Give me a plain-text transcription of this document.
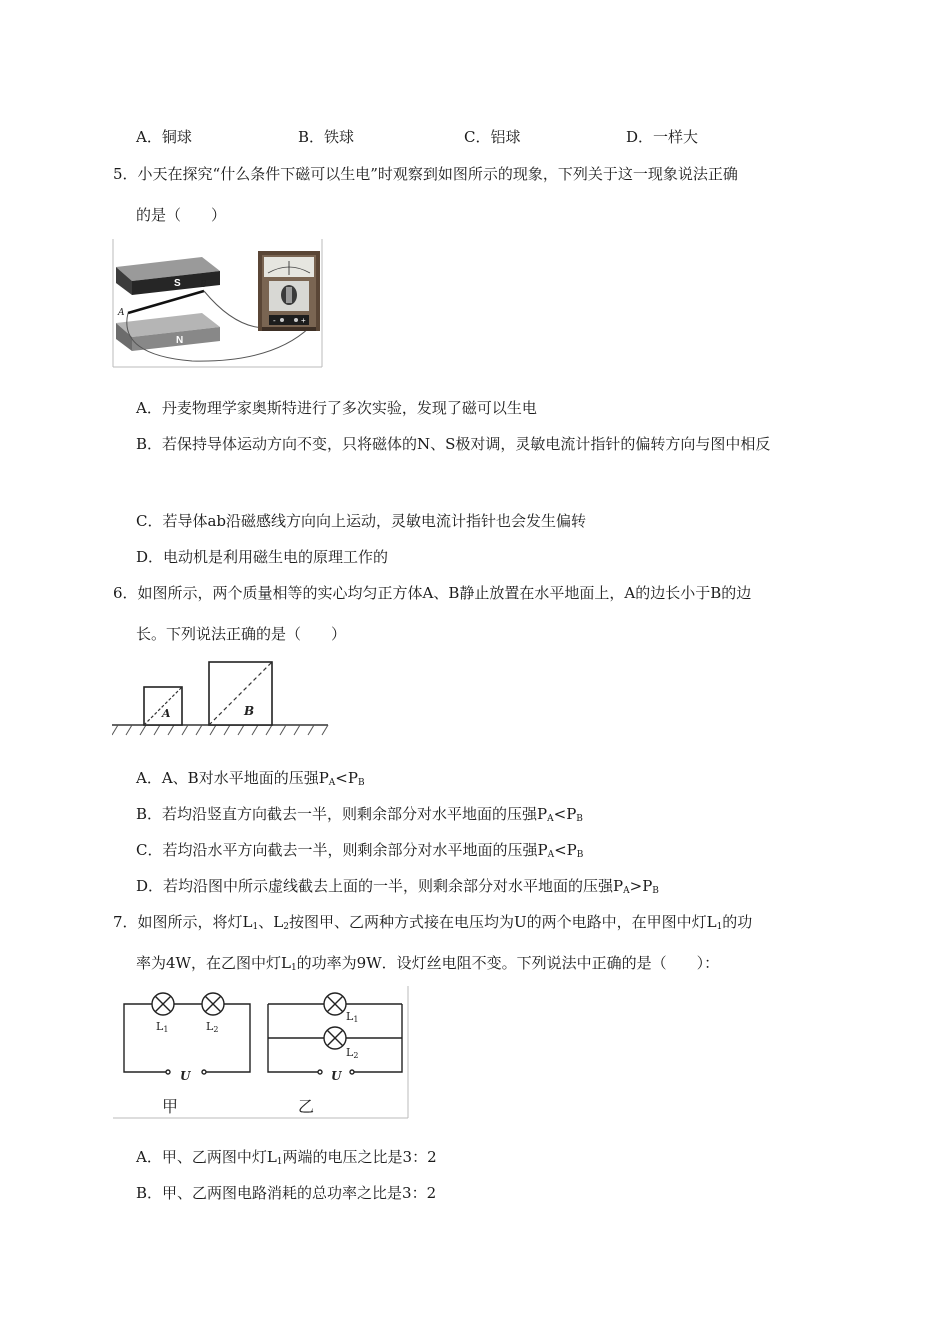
A．铜球	B．铁球	C．铝球	D．一样大
5．小天在探究“什么条件下磁可以生电”时观察到如图所示的现象，下列关于这一现象说法正确
的是（　　）
S
N
A
B
-	+
A．丹麦物理学家奥斯特进行了多次实验，发现了磁可以生电
B．若保持导体运动方向不变，只将磁体的N、S极对调，灵敏电流计指针的偏转方向与图中相反
C．若导体ab沿磁感线方向向上运动，灵敏电流计指针也会发生偏转
D．电动机是利用磁生电的原理工作的
6．如图所示，两个质量相等的实心均匀正方体A、B静止放置在水平地面上，A的边长小于B的边
长。下列说法正确的是（　　）
A	B
A．A、B对水平地面的压强$P_A<P_B$
B．若均沿竖直方向截去一半，则剩余部分对水平地面的压强$P_A<P_B$
C．若均沿水平方向截去一半，则剩余部分对水平地面的压强$P_A<P_B$
D．若均沿图中所示虚线截去上面的一半，则剩余部分对水平地面的压强$P_A>P_B$
7．如图所示，将灯$L_1$、$L_2$按图甲、乙两种方式接在电压均为U的两个电路中，在甲图中灯$L_1$的功
率为4W，在乙图中灯$L_1$的功率为9W．设灯丝电阻不变。下列说法中正确的是（　　）：
L1	L2
U
甲
L1
L2
U
乙
A．甲、乙两图中灯$L_1$两端的电压之比是3：2
B．甲、乙两图电路消耗的总功率之比是3：2
